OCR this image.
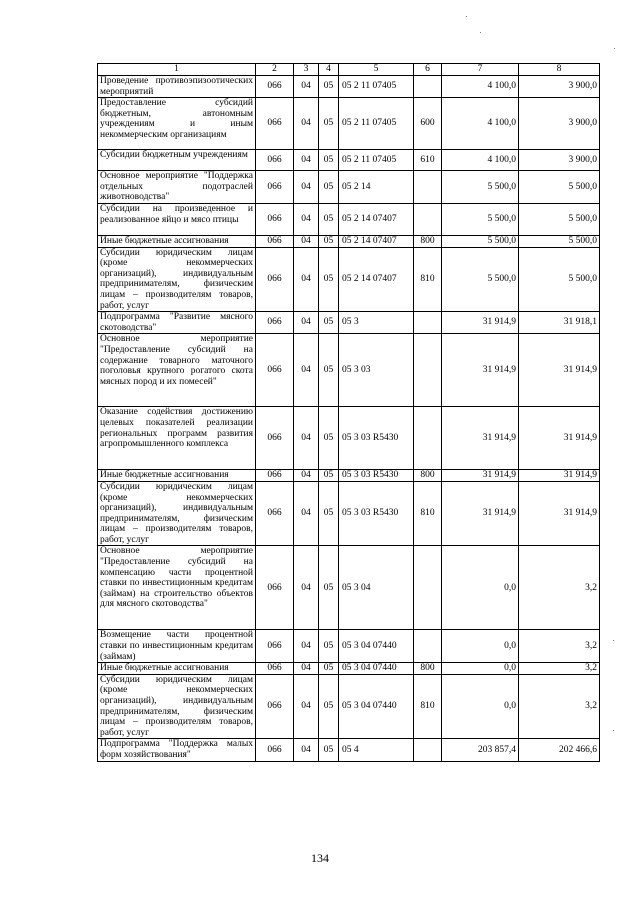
1	2	3	4	5	6	7	8
Проведение противоэпизоотических мероприятий	066	04	05	05 2 11 07405		4 100,0	3 900,0
Предоставление субсидий бюджетным, автономным учреждениям и иным некоммерческим организациям	066	04	05	05 2 11 07405	600	4 100,0	3 900,0
Субсидии бюджетным учреждениям	066	04	05	05 2 11 07405	610	4 100,0	3 900,0
Основное мероприятие "Поддержка отдельных подотраслей животноводства"	066	04	05	05 2 14		5 500,0	5 500,0
Субсидии на произведенное и реализованное яйцо и мясо птицы	066	04	05	05 2 14 07407		5 500,0	5 500,0
Иные бюджетные ассигнования	066	04	05	05 2 14 07407	800	5 500,0	5 500,0
Субсидии юридическим лицам (кроме некоммерческих организаций), индивидуальным предпринимателям, физическим лицам – производителям товаров, работ, услуг	066	04	05	05 2 14 07407	810	5 500,0	5 500,0
Подпрограмма "Развитие мясного скотоводства"	066	04	05	05 3		31 914,9	31 918,1
Основное мероприятие "Предоставление субсидий на содержание товарного маточного поголовья крупного рогатого скота мясных пород и их помесей"	066	04	05	05 3 03		31 914,9	31 914,9
Оказание содействия достижению целевых показателей реализации региональных программ развития агропромышленного комплекса	066	04	05	05 3 03 R5430		31 914,9	31 914,9
Иные бюджетные ассигнования	066	04	05	05 3 03 R5430	800	31 914,9	31 914,9
Субсидии юридическим лицам (кроме некоммерческих организаций), индивидуальным предпринимателям, физическим лицам – производителям товаров, работ, услуг	066	04	05	05 3 03 R5430	810	31 914,9	31 914,9
Основное мероприятие "Предоставление субсидий на компенсацию части процентной ставки по инвестиционным кредитам (займам) на строительство объектов для мясного скотоводства"	066	04	05	05 3 04		0,0	3,2
Возмещение части процентной ставки по инвестиционным кредитам (займам)	066	04	05	05 3 04 07440		0,0	3,2
Иные бюджетные ассигнования	066	04	05	05 3 04 07440	800	0,0	3,2
Субсидии юридическим лицам (кроме некоммерческих организаций), индивидуальным предпринимателям, физическим лицам – производителям товаров, работ, услуг	066	04	05	05 3 04 07440	810	0,0	3,2
Подпрограмма "Поддержка малых форм хозяйствования"	066	04	05	05 4		203 857,4	202 466,6
134
